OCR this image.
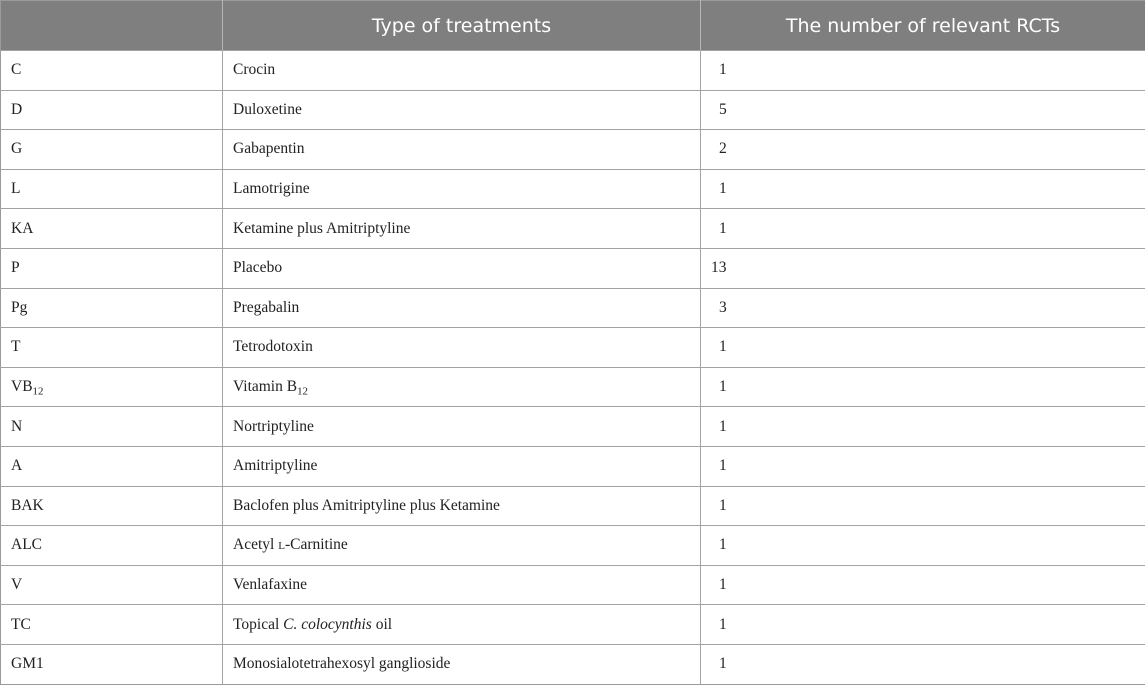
	Type of treatments	The number of relevant RCTs
C	Crocin	1
D	Duloxetine	5
G	Gabapentin	2
L	Lamotrigine	1
KA	Ketamine plus Amitriptyline	1
P	Placebo	13
Pg	Pregabalin	3
T	Tetrodotoxin	1
$VB_{12}$	Vitamin $B_{12}$	1
N	Nortriptyline	1
A	Amitriptyline	1
BAK	Baclofen plus Amitriptyline plus Ketamine	1
ALC	Acetyl l-Carnitine	1
V	Venlafaxine	1
TC	Topical C. colocynthis oil	1
GM1	Monosialotetrahexosyl ganglioside	1
